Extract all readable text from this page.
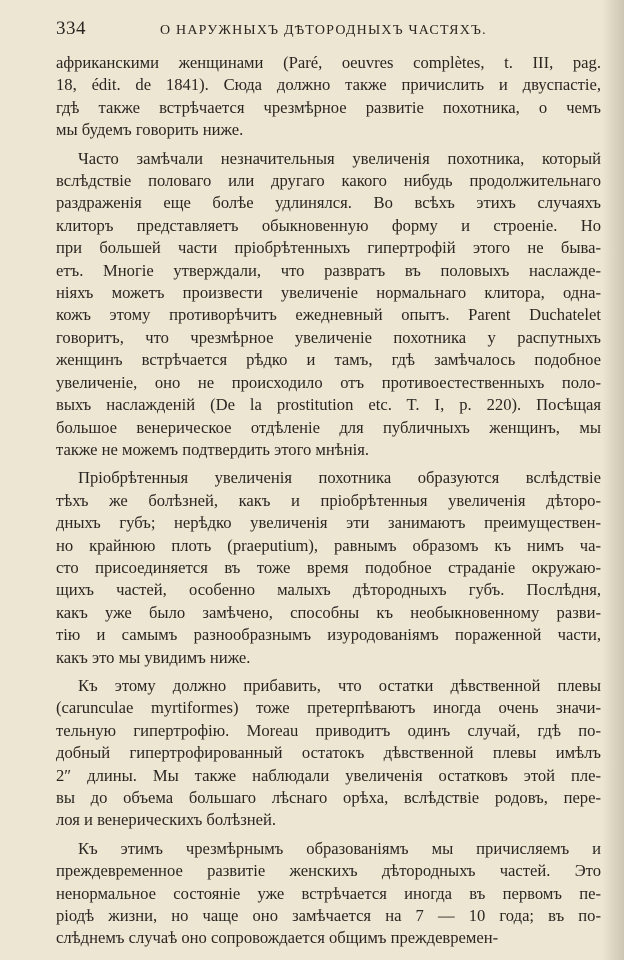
334	О НАРУЖНЫХЪ ДѢТОРОДНЫХЪ ЧАСТЯХЪ.

африканскими женщинами (Paré, oeuvres complètes, t. III, pag.
18, édit. de 1841). Сюда должно также причислить и двуспастіе,
гдѣ также встрѣчается чрезмѣрное развитіе похотника, о чемъ
мы будемъ говорить ниже.

Часто замѣчали незначительныя увеличенія похотника, который
вслѣдствіе половаго или другаго какого нибудь продолжительнаго
раздраженія еще болѣе удлинялся. Во всѣхъ этихъ случаяхъ
клиторъ представляетъ обыкновенную форму и строеніе. Но
при большей части пріобрѣтенныхъ гипертрофій этого не быва-
етъ. Многіе утверждали, что развратъ въ половыхъ наслажде-
ніяхъ можетъ произвести увеличеніе нормальнаго клитора, одна-
кожъ этому противорѣчитъ ежедневный опытъ. Parent Duchatelet
говоритъ, что чрезмѣрное увеличеніе похотника у распутныхъ
женщинъ встрѣчается рѣдко и тамъ, гдѣ замѣчалось подобное
увеличеніе, оно не происходило отъ противоестественныхъ поло-
выхъ наслажденій (De la prostitution etc. T. I, p. 220). Посѣщая
большое венерическое отдѣленіе для публичныхъ женщинъ, мы
также не можемъ подтвердить этого мнѣнія.

Пріобрѣтенныя увеличенія похотника образуются вслѣдствіе
тѣхъ же болѣзней, какъ и пріобрѣтенныя увеличенія дѣторо-
дныхъ губъ; нерѣдко увеличенія эти занимаютъ преимуществен-
но крайнюю плоть (praeputium), равнымъ образомъ къ нимъ ча-
сто присоединяется въ тоже время подобное страданіе окружаю-
щихъ частей, особенно малыхъ дѣтородныхъ губъ. Послѣдня,
какъ уже было замѣчено, способны къ необыкновенному разви-
тію и самымъ разнообразнымъ изуродованіямъ пораженной части,
какъ это мы увидимъ ниже.

Къ этому должно прибавить, что остатки дѣвственной плевы
(carunculae myrtiformes) тоже претерпѣваютъ иногда очень значи-
тельную гипертрофію. Moreau приводитъ одинъ случай, гдѣ по-
добный гипертрофированный остатокъ дѣвственной плевы имѣлъ
2″ длины. Мы также наблюдали увеличенія остатковъ этой пле-
вы до объема большаго лѣснаго орѣха, вслѣдствіе родовъ, пере-
лоя и венерическихъ болѣзней.

Къ этимъ чрезмѣрнымъ образованіямъ мы причисляемъ и
преждевременное развитіе женскихъ дѣтородныхъ частей. Это
ненормальное состояніе уже встрѣчается иногда въ первомъ пе-
ріодѣ жизни, но чаще оно замѣчается на 7 — 10 года; въ по-
слѣднемъ случаѣ оно сопровождается общимъ преждевремен-
